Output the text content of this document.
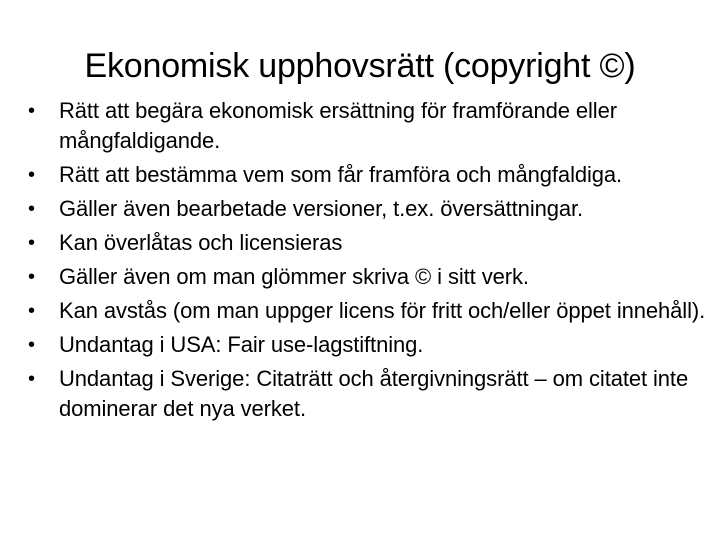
Ekonomisk upphovsrätt (copyright ©)
•	Rätt att begära ekonomisk ersättning för framförande eller mångfaldigande.
•	Rätt att bestämma vem som får framföra och mångfaldiga.
•	Gäller även bearbetade versioner, t.ex. översättningar.
•	Kan överlåtas och licensieras
•	Gäller även om man glömmer skriva © i sitt verk.
•	Kan avstås (om man uppger licens för fritt och/eller öppet innehåll).
•	Undantag i USA: Fair use-lagstiftning.
•	Undantag i Sverige: Citaträtt och återgivningsrätt – om citatet inte dominerar det nya verket.
